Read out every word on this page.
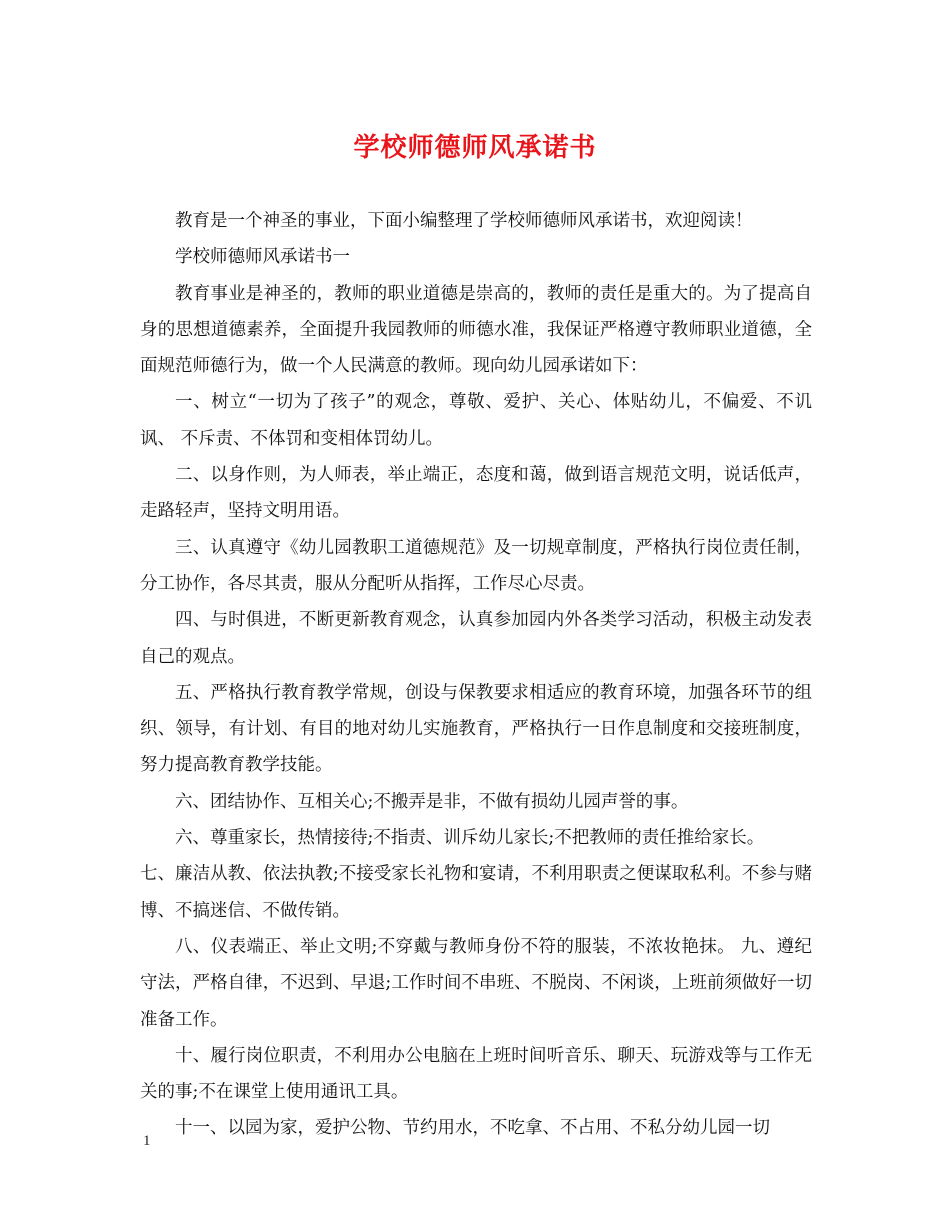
学校师德师风承诺书

教育是一个神圣的事业，下面小编整理了学校师德师风承诺书，欢迎阅读！

学校师德师风承诺书一

教育事业是神圣的，教师的职业道德是崇高的，教师的责任是重大的。为了提高自身的思想道德素养，全面提升我园教师的师德水准，我保证严格遵守教师职业道德，全面规范师德行为，做一个人民满意的教师。现向幼儿园承诺如下：

一、树立“一切为了孩子”的观念，尊敬、爱护、关心、体贴幼儿，不偏爱、不讥讽、 不斥责、不体罚和变相体罚幼儿。

二、以身作则，为人师表，举止端正，态度和蔼，做到语言规范文明，说话低声，走路轻声，坚持文明用语。

三、认真遵守《幼儿园教职工道德规范》及一切规章制度，严格执行岗位责任制，分工协作，各尽其责，服从分配听从指挥，工作尽心尽责。

四、与时俱进，不断更新教育观念，认真参加园内外各类学习活动，积极主动发表自己的观点。

五、严格执行教育教学常规，创设与保教要求相适应的教育环境，加强各环节的组织、领导，有计划、有目的地对幼儿实施教育，严格执行一日作息制度和交接班制度，努力提高教育教学技能。

六、团结协作、互相关心;不搬弄是非，不做有损幼儿园声誉的事。

六、尊重家长，热情接待;不指责、训斥幼儿家长;不把教师的责任推给家长。

七、廉洁从教、依法执教;不接受家长礼物和宴请，不利用职责之便谋取私利。不参与赌博、不搞迷信、不做传销。

八、仪表端正、举止文明;不穿戴与教师身份不符的服装，不浓妆艳抹。 九、遵纪守法，严格自律，不迟到、早退;工作时间不串班、不脱岗、不闲谈，上班前须做好一切准备工作。

十、履行岗位职责，不利用办公电脑在上班时间听音乐、聊天、玩游戏等与工作无关的事;不在课堂上使用通讯工具。

十一、以园为家，爱护公物、节约用水，不吃拿、不占用、不私分幼儿园一切

1
